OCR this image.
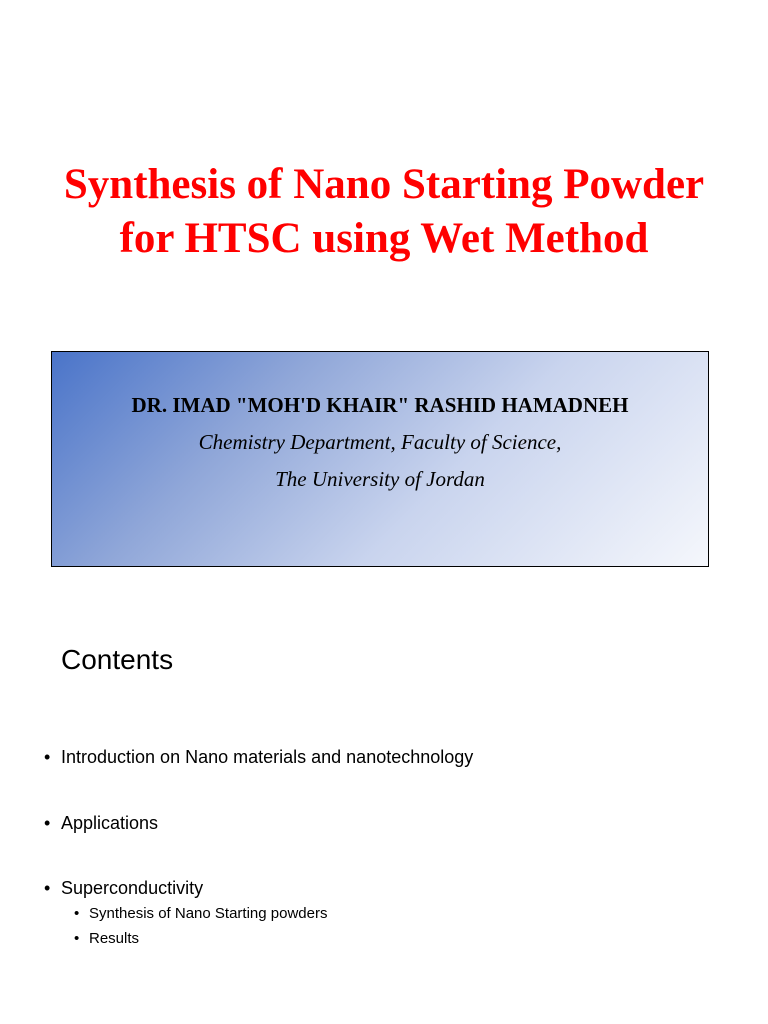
Synthesis of Nano Starting Powder
for HTSC using Wet Method
DR. IMAD "MOH'D KHAIR" RASHID HAMADNEH
Chemistry Department, Faculty of Science,
The University of Jordan
Contents
• Introduction on Nano materials and nanotechnology
• Applications
• Superconductivity
• Synthesis of Nano Starting powders
• Results
